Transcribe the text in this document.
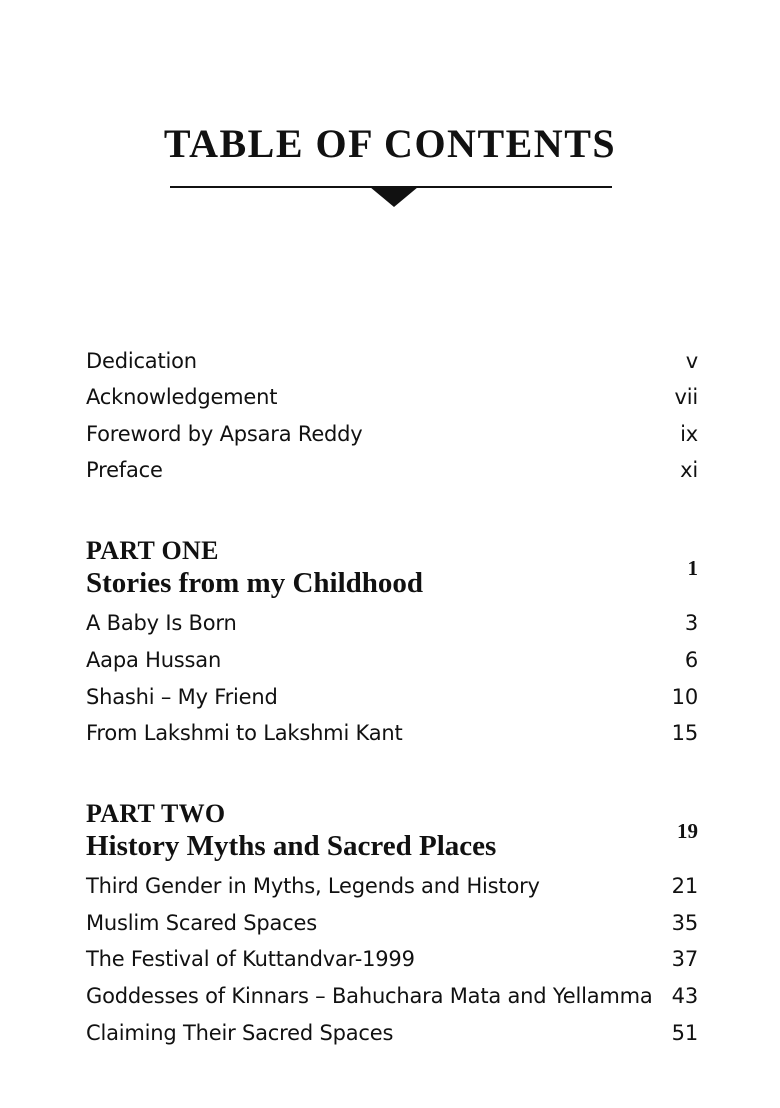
TABLE OF CONTENTS
Dedication	v
Acknowledgement	vii
Foreword by Apsara Reddy	ix
Preface	xi
PART ONE
Stories from my Childhood	1
A Baby Is Born	3
Aapa Hussan	6
Shashi – My Friend	10
From Lakshmi to Lakshmi Kant	15
PART TWO
History Myths and Sacred Places	19
Third Gender in Myths, Legends and History	21
Muslim Scared Spaces	35
The Festival of Kuttandvar-1999	37
Goddesses of Kinnars – Bahuchara Mata and Yellamma 43
Claiming Their Sacred Spaces	51
